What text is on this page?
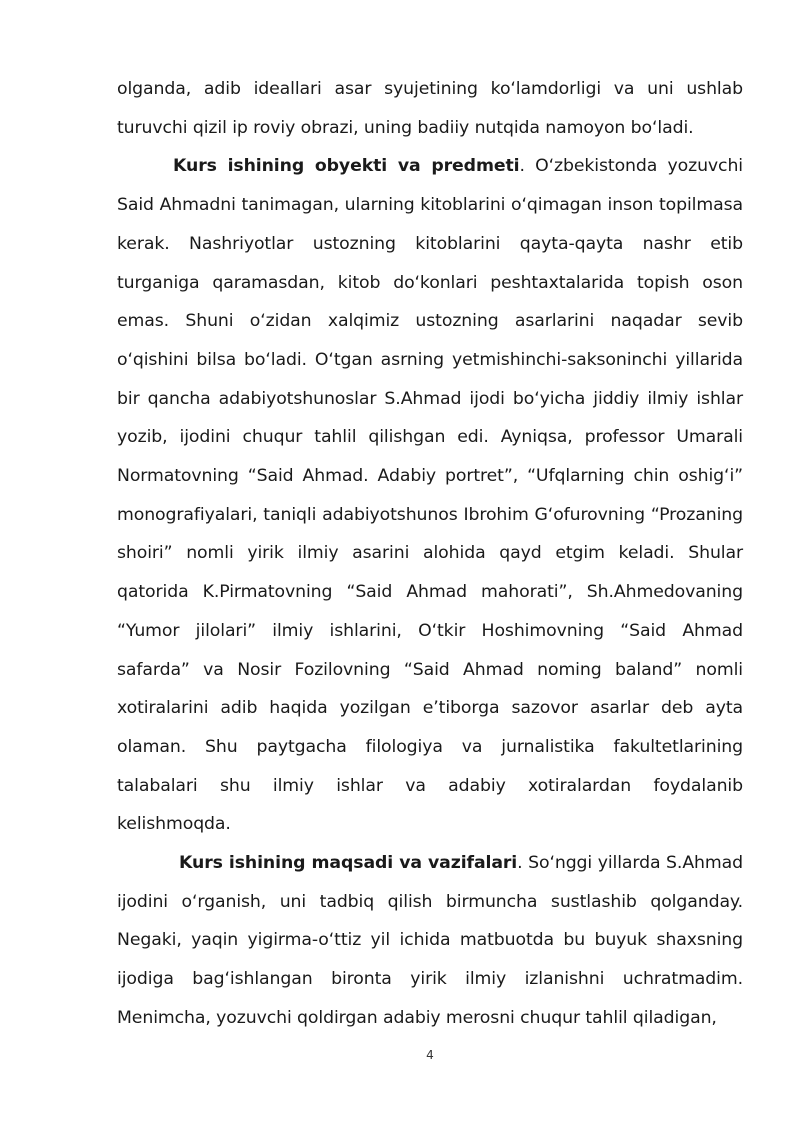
olganda, adib ideallari asar syujetining ko‘lamdorligi va uni ushlab turuvchi qizil ip roviy obrazi, uning badiiy nutqida namoyon bo‘ladi.

Kurs ishining obyekti va predmeti. O‘zbekistonda yozuvchi Said Ahmadni tanimagan, ularning kitoblarini o‘qimagan inson topilmasa kerak. Nashriyotlar ustozning kitoblarini qayta-qayta nashr etib turganiga qaramasdan, kitob do‘konlari peshtaxtalarida topish oson emas. Shuni o‘zidan xalqimiz ustozning asarlarini naqadar sevib o‘qishini bilsa bo‘ladi. O‘tgan asrning yetmishinchi-saksoninchi yillarida bir qancha adabiyotshunoslar S.Ahmad ijodi bo‘yicha jiddiy ilmiy ishlar yozib, ijodini chuqur tahlil qilishgan edi. Ayniqsa, professor Umarali Normatovning “Said Ahmad. Adabiy portret”, “Ufqlarning chin oshig‘i” monografiyalari, taniqli adabiyotshunos Ibrohim G‘ofurovning “Prozaning shoiri” nomli yirik ilmiy asarini alohida qayd etgim keladi. Shular qatorida K.Pirmatovning “Said Ahmad mahorati”, Sh.Ahmedovaning “Yumor jilolari” ilmiy ishlarini, O‘tkir Hoshimovning “Said Ahmad safarda” va Nosir Fozilovning “Said Ahmad noming baland” nomli xotiralarini adib haqida yozilgan e’tiborga sazovor asarlar deb ayta olaman. Shu paytgacha filologiya va jurnalistika fakultetlarining talabalari shu ilmiy ishlar va adabiy xotiralardan foydalanib kelishmoqda.

Kurs ishining maqsadi va vazifalari. So‘nggi yillarda S.Ahmad ijodini o‘rganish, uni tadbiq qilish birmuncha sustlashib qolganday. Negaki, yaqin yigirma-o‘ttiz yil ichida matbuotda bu buyuk shaxsning ijodiga bag‘ishlangan bironta yirik ilmiy izlanishni uchratmadim. Menimcha, yozuvchi qoldirgan adabiy merosni chuqur tahlil qiladigan,

4
